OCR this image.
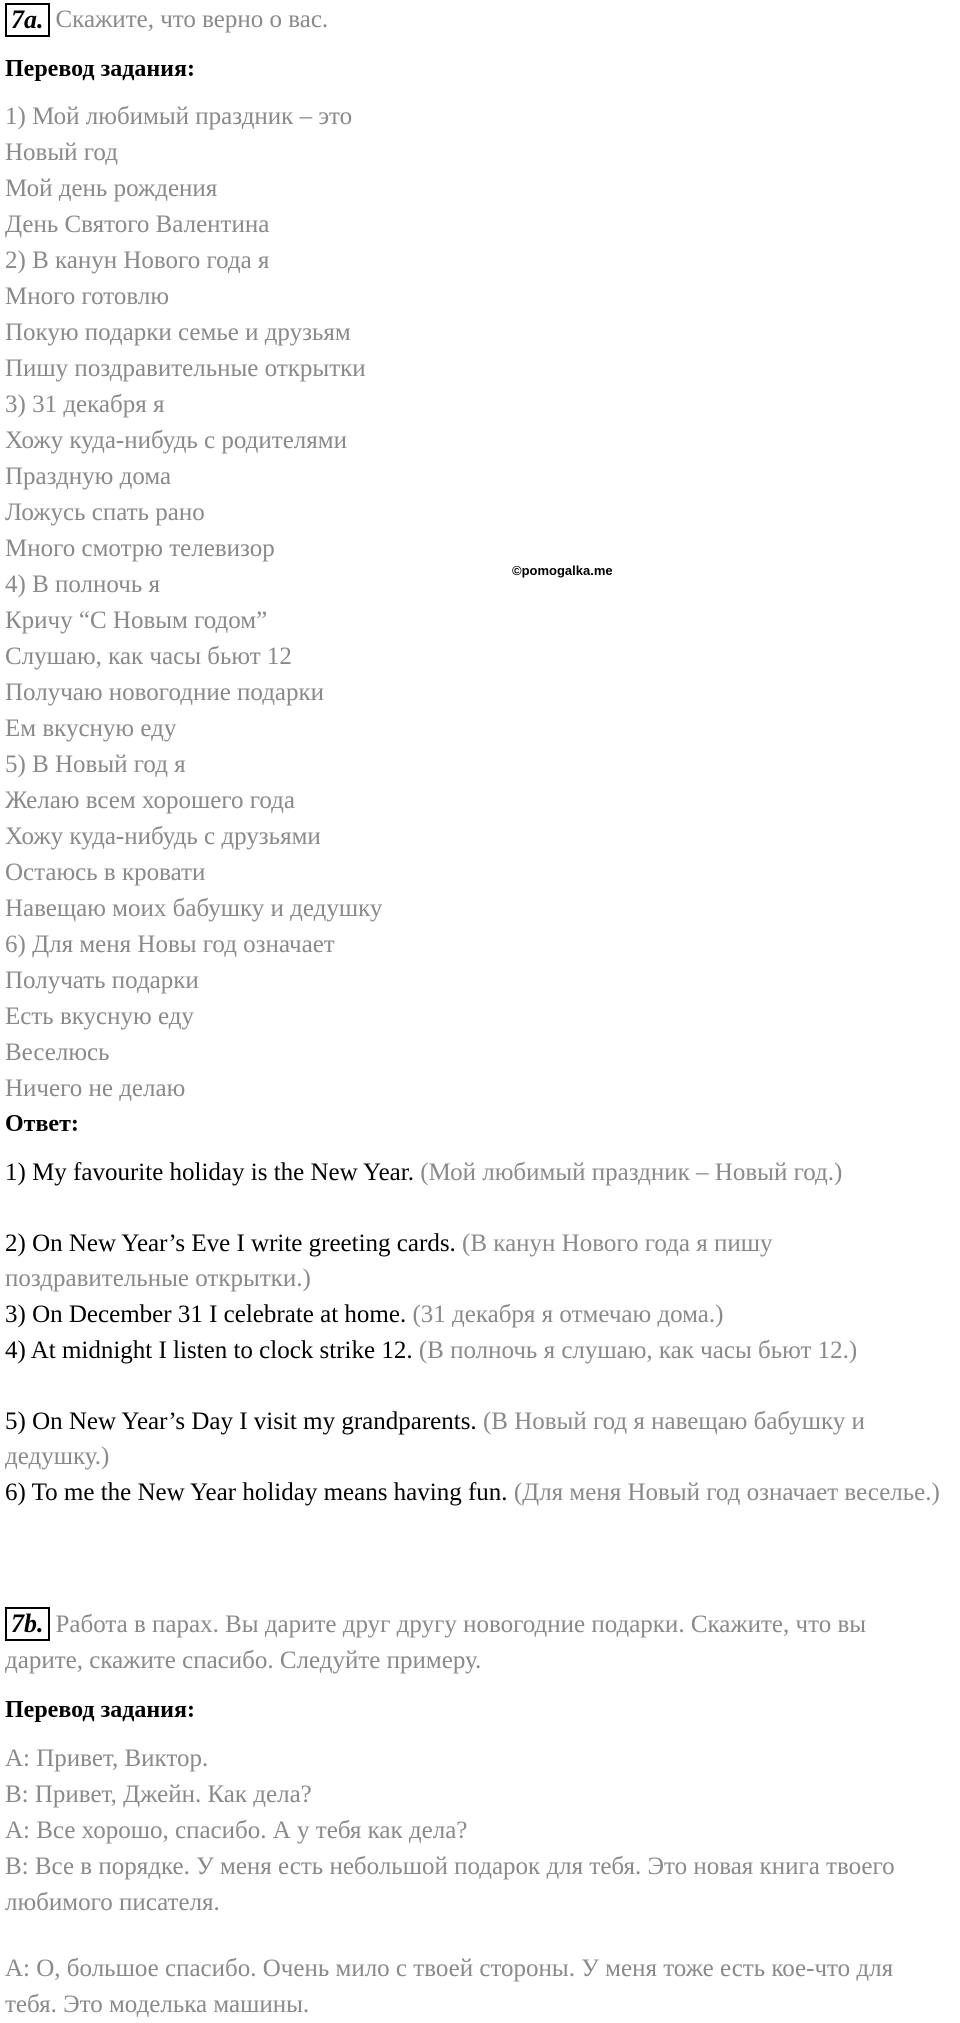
7a. Скажите, что верно о вас.
Перевод задания:
1) Мой любимый праздник – это
Новый год
Мой день рождения
День Святого Валентина
2) В канун Нового года я
Много готовлю
Покую подарки семье и друзьям
Пишу поздравительные открытки
3) 31 декабря я
Хожу куда-нибудь с родителями
Праздную дома
Ложусь спать рано
Много смотрю телевизор
4) В полночь я
Кричу “С Новым годом”
Слушаю, как часы бьют 12
Получаю новогодние подарки
Ем вкусную еду
5) В Новый год я
Желаю всем хорошего года
Хожу куда-нибудь с друзьями
Остаюсь в кровати
Навещаю моих бабушку и дедушку
6) Для меня Новы год означает
Получать подарки
Есть вкусную еду
Веселюсь
Ничего не делаю
©pomogalka.me
Ответ:
1) My favourite holiday is the New Year. (Мой любимый праздник – Новый год.)
2) On New Year’s Eve I write greeting cards. (В канун Нового года я пишу поздравительные открытки.)
3) On December 31 I celebrate at home. (31 декабря я отмечаю дома.)
4) At midnight I listen to clock strike 12. (В полночь я слушаю, как часы бьют 12.)
5) On New Year’s Day I visit my grandparents. (В Новый год я навещаю бабушку и дедушку.)
6) To me the New Year holiday means having fun. (Для меня Новый год означает веселье.)
7b. Работа в парах. Вы дарите друг другу новогодние подарки. Скажите, что вы дарите, скажите спасибо. Следуйте примеру.
Перевод задания:
A: Привет, Виктор.
B: Привет, Джейн. Как дела?
A: Все хорошо, спасибо. А у тебя как дела?
B: Все в порядке. У меня есть небольшой подарок для тебя. Это новая книга твоего любимого писателя.
A: О, большое спасибо. Очень мило с твоей стороны. У меня тоже есть кое-что для тебя. Это моделька машины.
